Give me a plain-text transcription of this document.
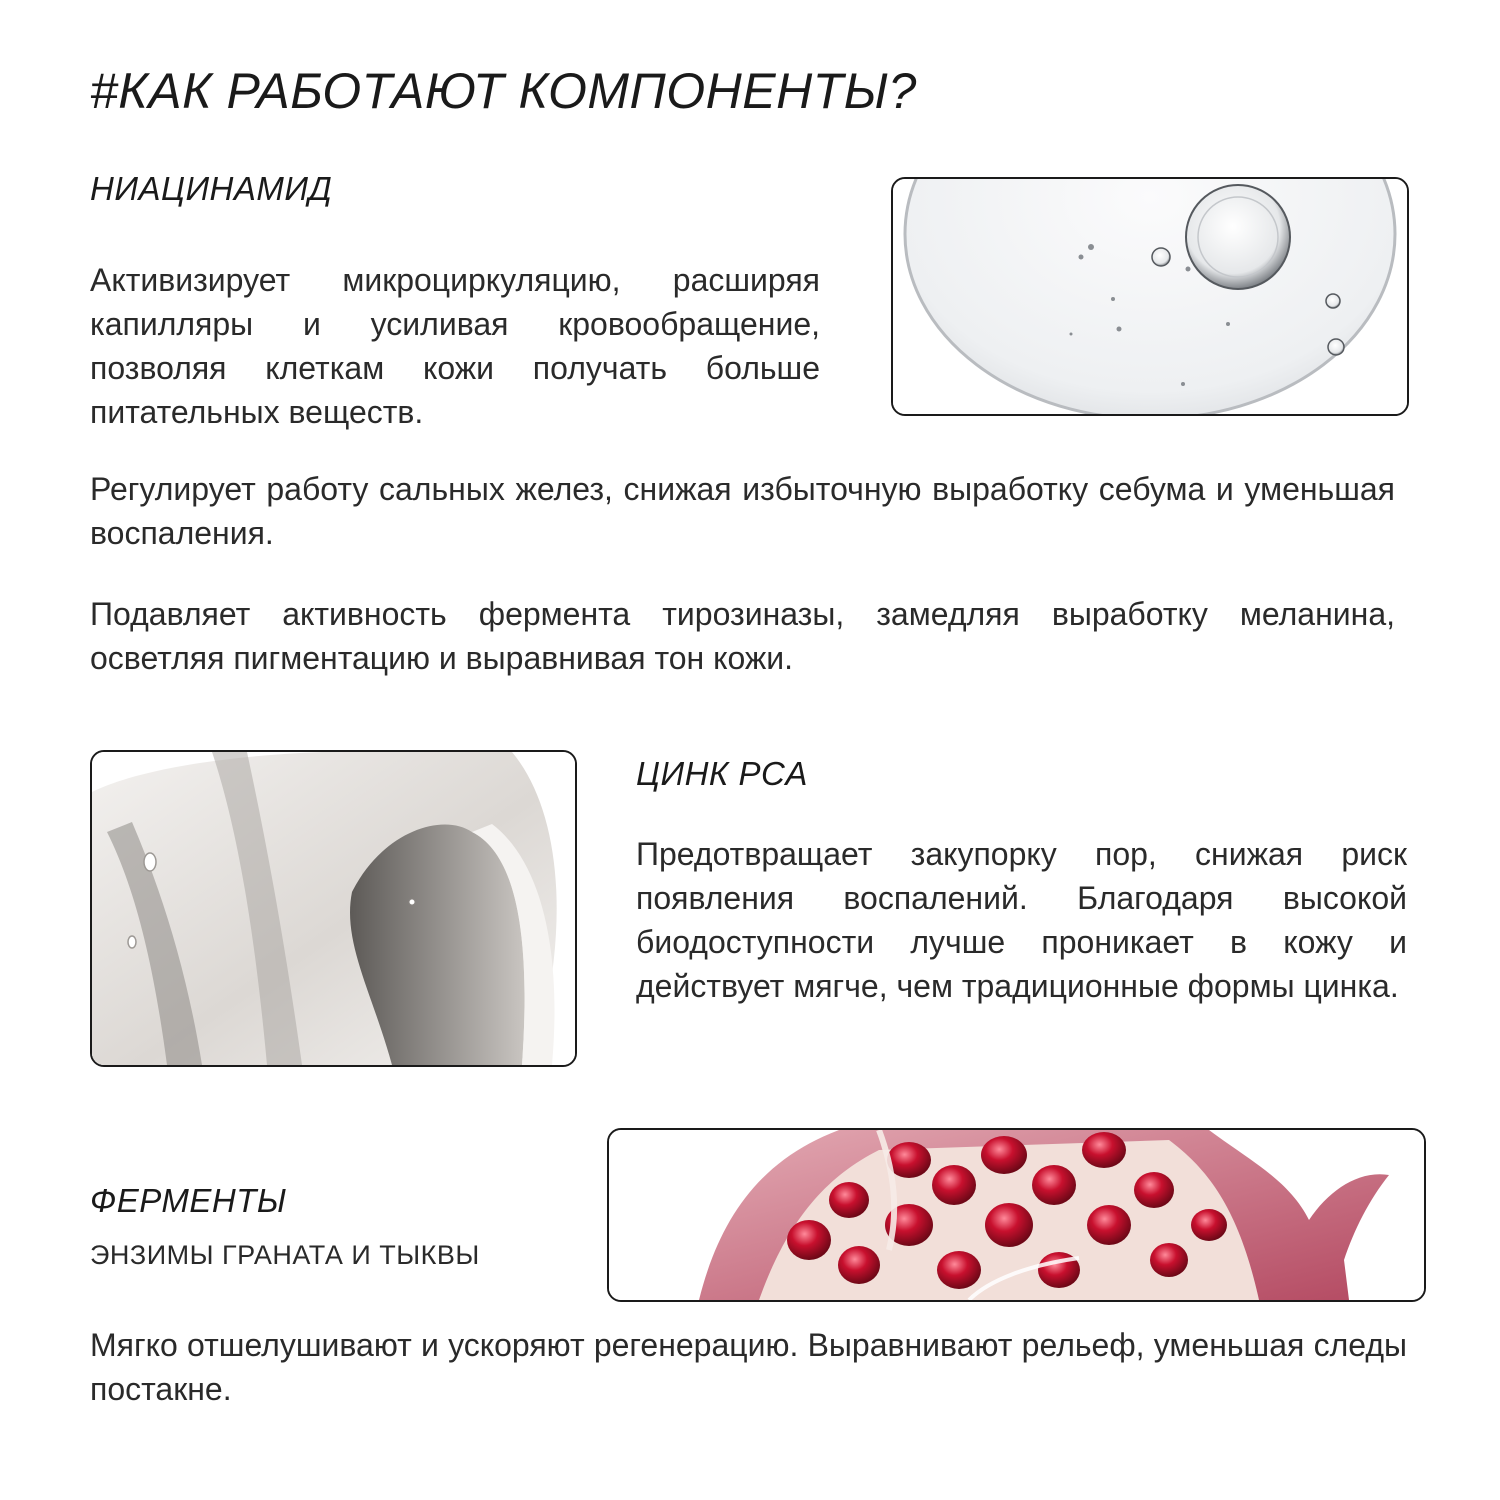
#КАК РАБОТАЮТ КОМПОНЕНТЫ?
НИАЦИНАМИД
Активизирует микроциркуляцию, расширяя капилляры и усиливая кровообращение, позволяя клеткам кожи получать больше питательных веществ.
Регулирует работу сальных желез, снижая избыточную выработку себума и уменьшая воспаления.
Подавляет активность фермента тирозиназы, замедляя выработку меланина, осветляя пигментацию и выравнивая тон кожи.
ЦИНК PCA
Предотвращает закупорку пор, снижая риск появления воспалений. Благодаря высокой биодоступности лучше проникает в кожу и действует мягче, чем традиционные формы цинка.
ФЕРМЕНТЫ
ЭНЗИМЫ ГРАНАТА И ТЫКВЫ
Мягко отшелушивают и ускоряют регенерацию. Выравнивают рельеф, уменьшая следы постакне.
